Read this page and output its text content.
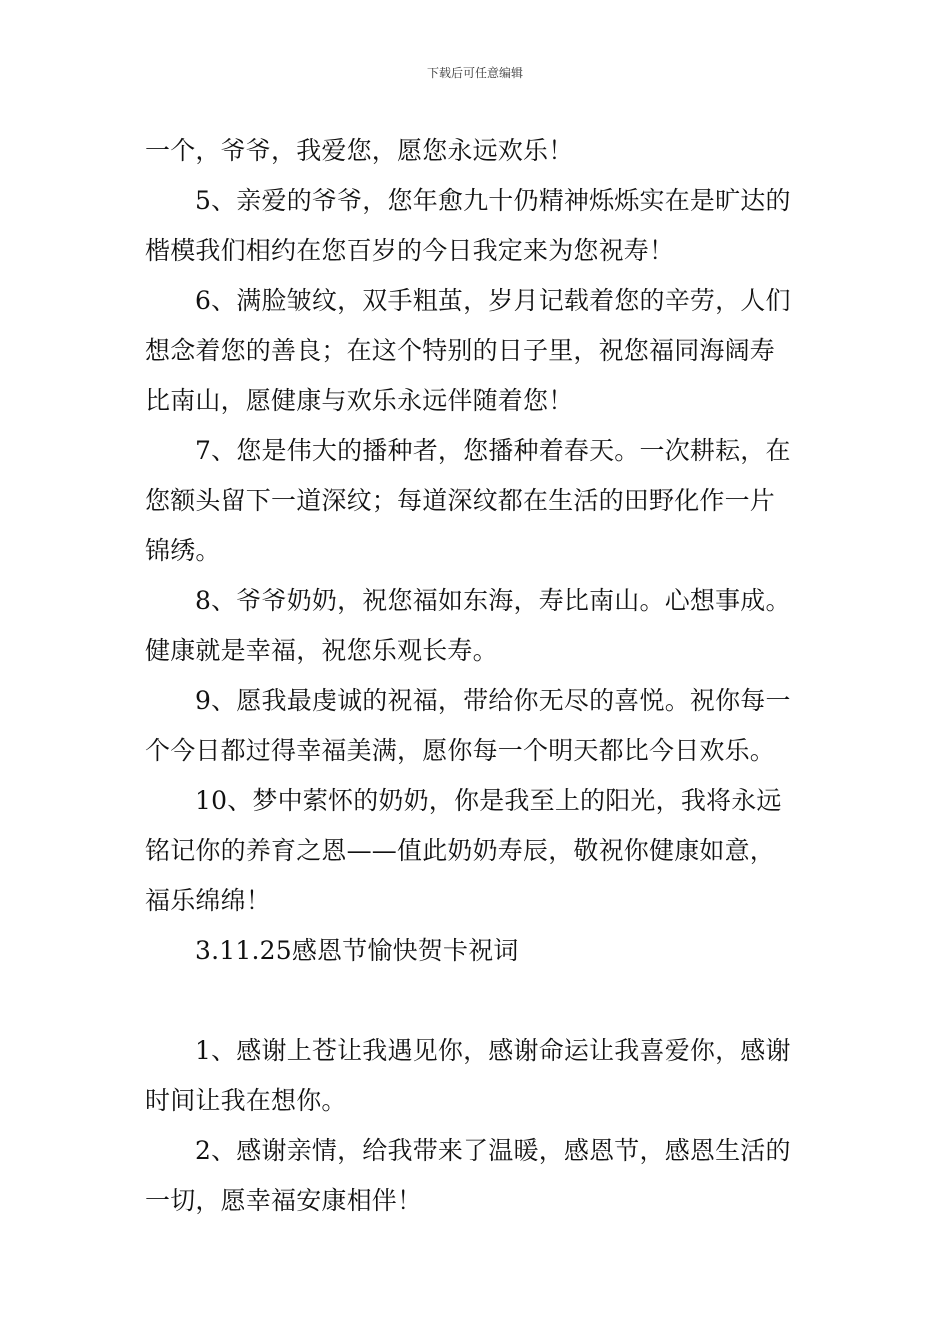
下载后可任意编辑
一个，爷爷，我爱您，愿您永远欢乐！
5、亲爱的爷爷，您年愈九十仍精神烁烁实在是旷达的
楷模我们相约在您百岁的今日我定来为您祝寿！
6、满脸皱纹，双手粗茧，岁月记载着您的辛劳，人们
想念着您的善良；在这个特别的日子里，祝您福同海阔寿
比南山，愿健康与欢乐永远伴随着您！
7、您是伟大的播种者，您播种着春天。一次耕耘，在
您额头留下一道深纹；每道深纹都在生活的田野化作一片
锦绣。
8、爷爷奶奶，祝您福如东海，寿比南山。心想事成。
健康就是幸福，祝您乐观长寿。
9、愿我最虔诚的祝福，带给你无尽的喜悦。祝你每一
个今日都过得幸福美满，愿你每一个明天都比今日欢乐。
10、梦中萦怀的奶奶，你是我至上的阳光，我将永远
铭记你的养育之恩——值此奶奶寿辰，敬祝你健康如意，
福乐绵绵！
3.11.25感恩节愉快贺卡祝词
1、感谢上苍让我遇见你，感谢命运让我喜爱你，感谢
时间让我在想你。
2、感谢亲情，给我带来了温暖，感恩节，感恩生活的
一切，愿幸福安康相伴！
